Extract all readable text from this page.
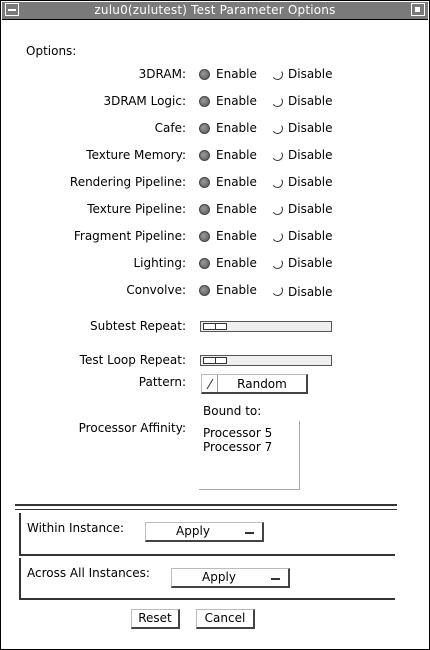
zulu0(zulutest) Test Parameter Options
Options:
3DRAM:	Enable	Disable
3DRAM Logic:	Enable	Disable
Cafe:	Enable	Disable
Texture Memory:	Enable	Disable
Rendering Pipeline:	Enable	Disable
Texture Pipeline:	Enable	Disable
Fragment Pipeline:	Enable	Disable
Lighting:	Enable	Disable
Convolve:	Enable	Disable
Subtest Repeat:
Test Loop Repeat:
Pattern:	Random
Bound to:
Processor Affinity:	Processor 5
Processor 7
Within Instance:	Apply
Across All Instances:	Apply
Reset	Cancel
